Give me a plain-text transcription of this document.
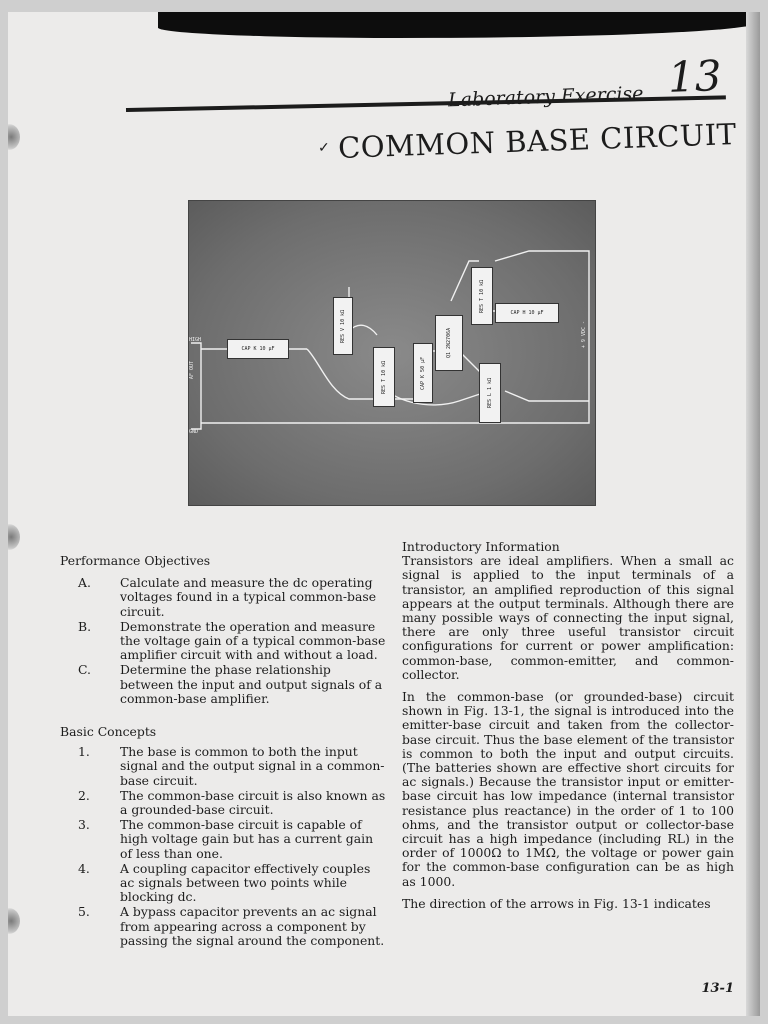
Laboratory Exercise 13
✓ COMMON BASE CIRCUIT
CAP K 10 µF
RES V 10 kΩ
RES T 10 kΩ	CAP K 50 µF
Q1 2N2706A
RES T 10 kΩ
CAP H 10 µF
RES L 1 kΩ
HIGH
GND
AF OUT
+ 9 VDC -

Performance Objectives

A.	Calculate and measure the dc operating voltages found in a typical common-base circuit.
B.	Demonstrate the operation and measure the voltage gain of a typical common-base amplifier circuit with and without a load.
C.	Determine the phase relationship between the input and output signals of a common-base amplifier.

Basic Concepts

1.	The base is common to both the input signal and the output signal in a common-base circuit.
2.	The common-base circuit is also known as a grounded-base circuit.
3.	The common-base circuit is capable of high voltage gain but has a current gain of less than one.
4.	A coupling capacitor effectively couples ac signals between two points while blocking dc.
5.	A bypass capacitor prevents an ac signal from appearing across a component by passing the signal around the component.

Introductory Information

Transistors are ideal amplifiers. When a small ac signal is applied to the input terminals of a transistor, an amplified reproduction of this signal appears at the output terminals. Although there are many possible ways of connecting the input signal, there are only three useful transistor circuit configurations for current or power amplification: common-base, common-emitter, and common-collector.

In the common-base (or grounded-base) circuit shown in Fig. 13-1, the signal is introduced into the emitter-base circuit and taken from the collector-base circuit. Thus the base element of the transistor is common to both the input and output circuits. (The batteries shown are effective short circuits for ac signals.) Because the transistor input or emitter-base circuit has low impedance (internal transistor resistance plus reactance) in the order of 1 to 100 ohms, and the transistor output or collector-base circuit has a high impedance (including RL) in the order of 1000Ω to 1MΩ, the voltage or power gain for the common-base configuration can be as high as 1000.

The direction of the arrows in Fig. 13-1 indicates

13-1
